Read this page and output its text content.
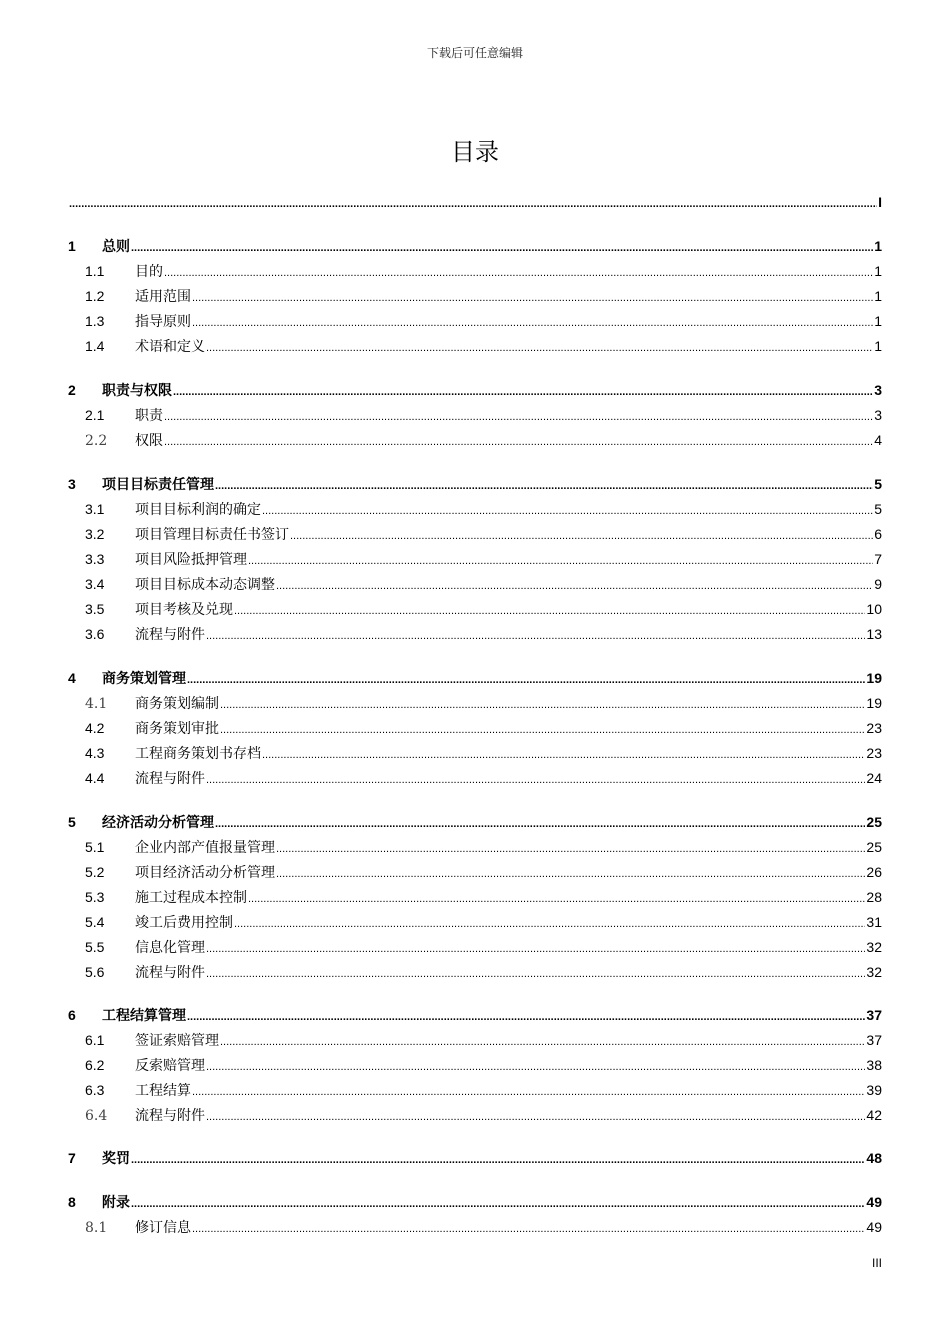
下载后可任意编辑
目录
.....
I
1	总则 .....	1
1.1	目的 .....	1
1.2	适用范围 .....	1
1.3	指导原则 .....	1
1.4	术语和定义 .....	1
2	职责与权限 .....	3
2.1	职责 .....	3
2.2	权限 .....	4
3	项目目标责任管理 .....	5
3.1	项目目标利润的确定 .....	5
3.2	项目管理目标责任书签订 .....	6
3.3	项目风险抵押管理 .....	7
3.4	项目目标成本动态调整 .....	9
3.5	项目考核及兑现 .....	10
3.6	流程与附件 .....	13
4	商务策划管理 .....	19
4.1	商务策划编制 .....	19
4.2	商务策划审批 .....	23
4.3	工程商务策划书存档 .....	23
4.4	流程与附件 .....	24
5	经济活动分析管理 .....	25
5.1	企业内部产值报量管理 .....	25
5.2	项目经济活动分析管理 .....	26
5.3	施工过程成本控制 .....	28
5.4	竣工后费用控制 .....	31
5.5	信息化管理 .....	32
5.6	流程与附件 .....	32
6	工程结算管理 .....	37
6.1	签证索赔管理 .....	37
6.2	反索赔管理 .....	38
6.3	工程结算 .....	39
6.4	流程与附件 .....	42
7	奖罚 .....	48
8	附录 .....	49
8.1	修订信息 .....	49
III
